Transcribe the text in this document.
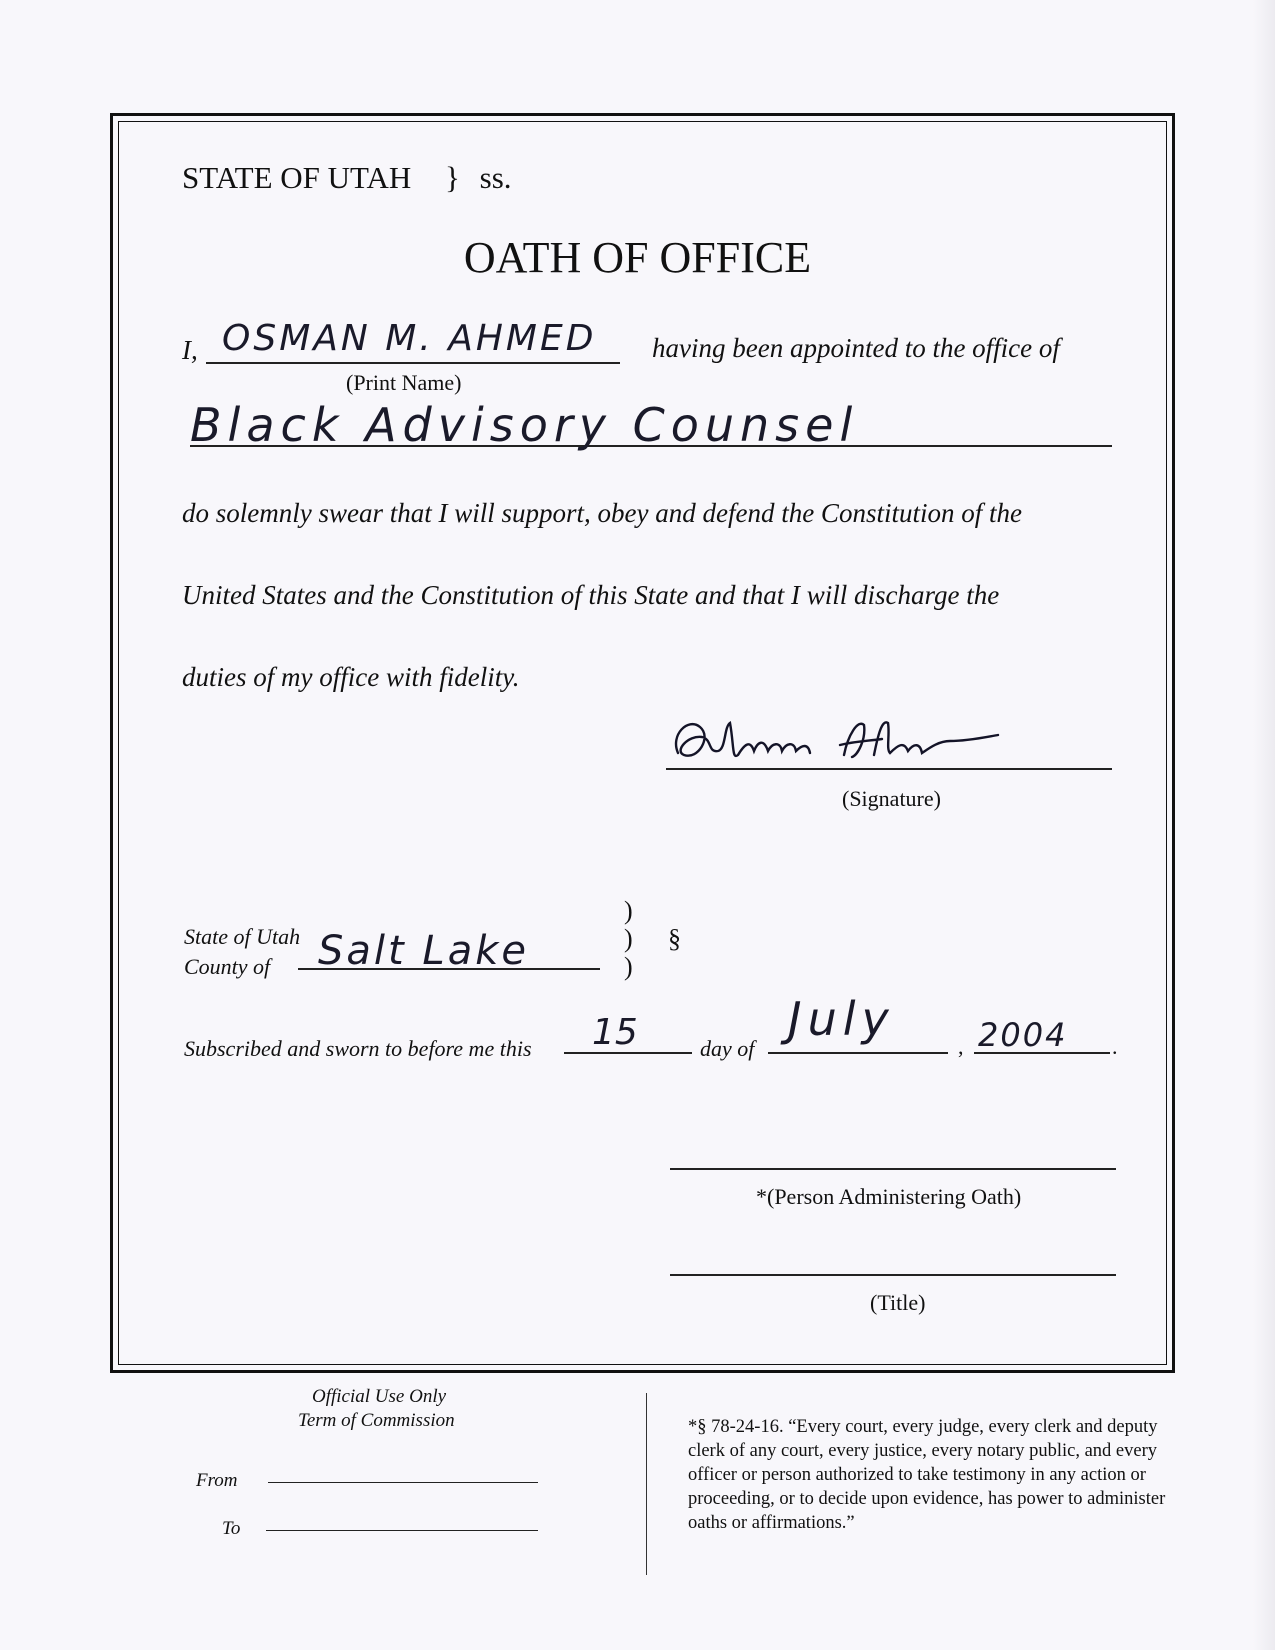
STATE OF UTAH } ss.
OATH OF OFFICE
I, OSMAN M. AHMED
(Print Name)
having been appointed to the office of
Black Advisory Counsel
do solemnly swear that I will support, obey and defend the Constitution of the
United States and the Constitution of this State and that I will discharge the
duties of my office with fidelity.
(Signature)
State of Utah
County of Salt Lake
)
)
)
§
Subscribed and sworn to before me this 15	day of
July
, 2004 .
*(Person Administering Oath)
(Title)
Official Use Only
Term of Commission
From
To
*§ 78-24-16. “Every court, every judge, every clerk and deputy clerk of any court, every justice, every notary public, and every officer or person authorized to take testimony in any action or proceeding, or to decide upon evidence, has power to administer oaths or affirmations.”
